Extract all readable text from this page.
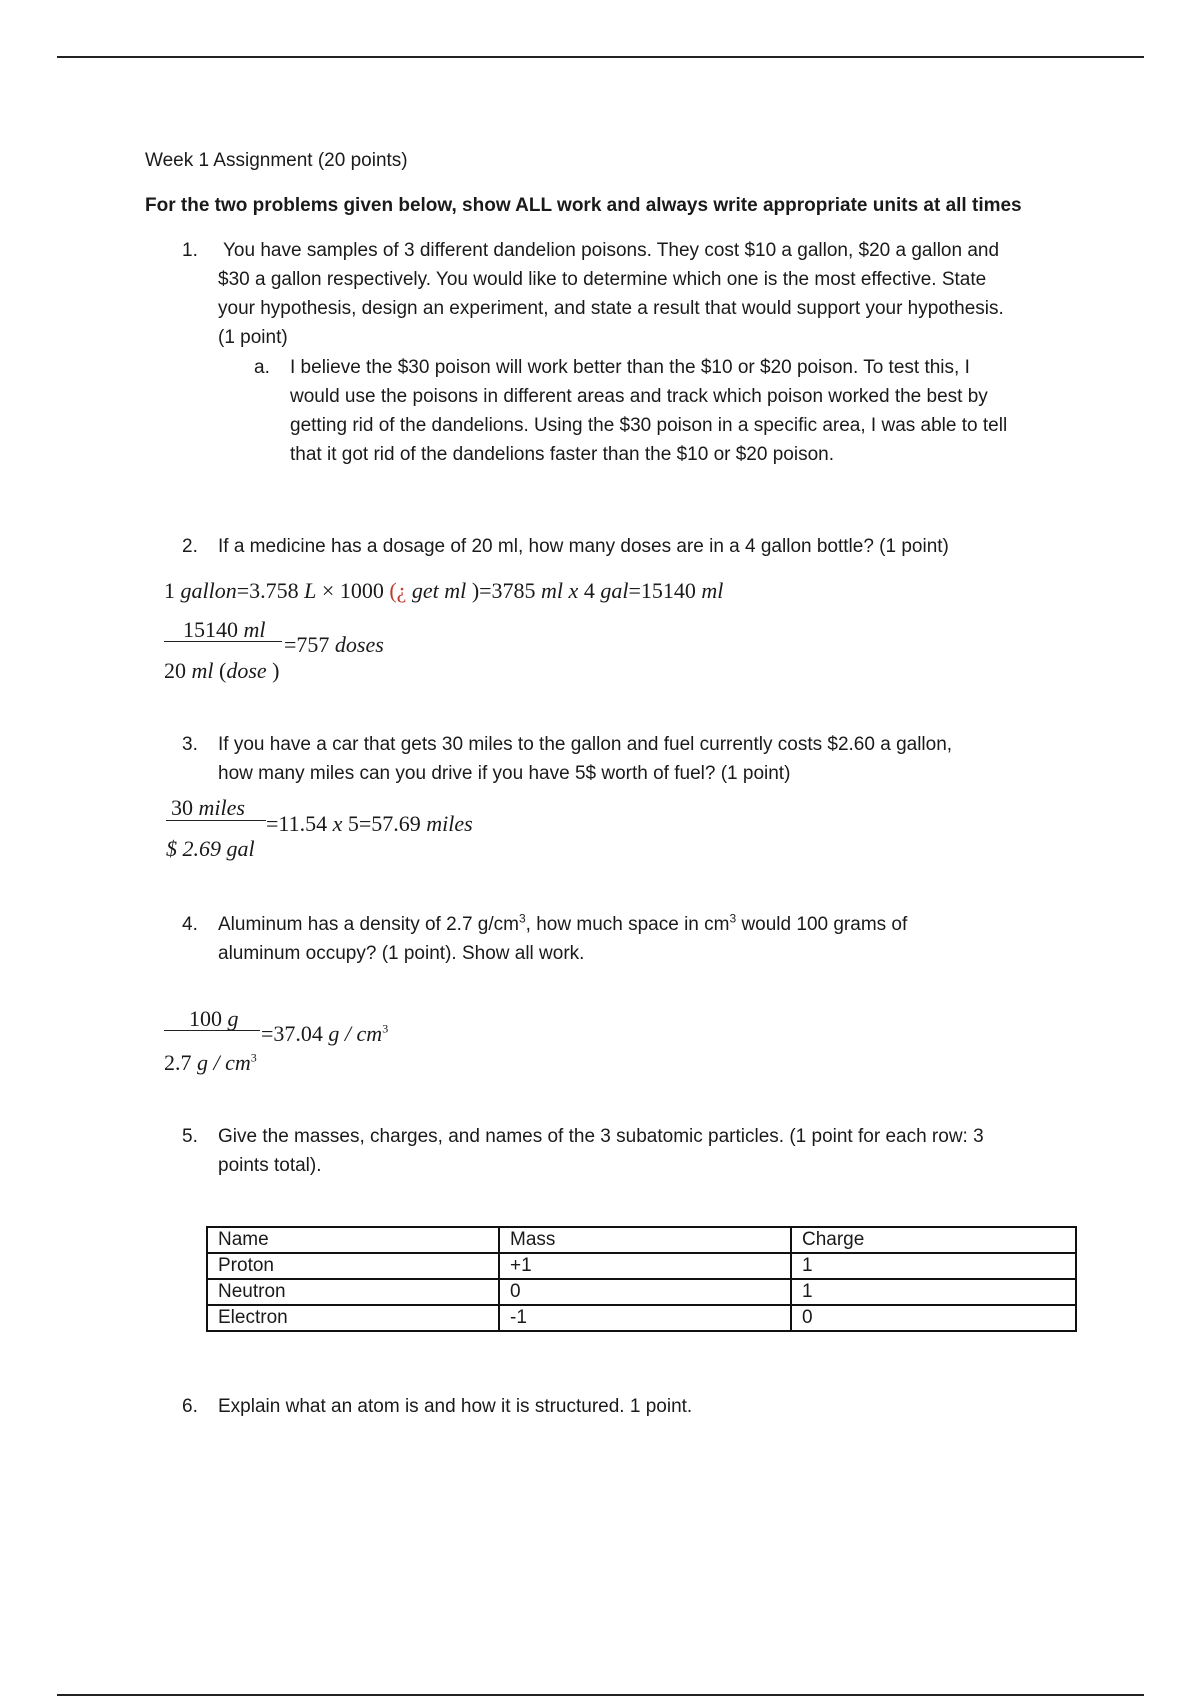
Week 1 Assignment (20 points)
For the two problems given below, show ALL work and always write appropriate units at all times
1. You have samples of 3 different dandelion poisons. They cost $10 a gallon, $20 a gallon and
$30 a gallon respectively. You would like to determine which one is the most effective. State
your hypothesis, design an experiment, and state a result that would support your hypothesis.
(1 point)
a. I believe the $30 poison will work better than the $10 or $20 poison. To test this, I
would use the poisons in different areas and track which poison worked the best by
getting rid of the dandelions. Using the $30 poison in a specific area, I was able to tell
that it got rid of the dandelions faster than the $10 or $20 poison.
2. If a medicine has a dosage of 20 ml, how many doses are in a 4 gallon bottle? (1 point)
1 gallon=3.758 L × 1000 (¿ get ml )=3785 ml x 4 gal=15140 ml
15140 ml
=757 doses
20 ml (dose )
3. If you have a car that gets 30 miles to the gallon and fuel currently costs $2.60 a gallon,
how many miles can you drive if you have 5$ worth of fuel? (1 point)
30 miles
=11.54 x 5=57.69 miles
$ 2.69 gal
4. Aluminum has a density of 2.7 $g/cm^3$, how much space in $cm^3$ would 100 grams of
aluminum occupy? (1 point). Show all work.
100 g
=37.04 g / $cm^3$
2.7 g / $cm^3$
5. Give the masses, charges, and names of the 3 subatomic particles. (1 point for each row: 3
points total).
Name	Mass	Charge
Proton	+1	1
Neutron	0	1
Electron	-1	0
6. Explain what an atom is and how it is structured. 1 point.
